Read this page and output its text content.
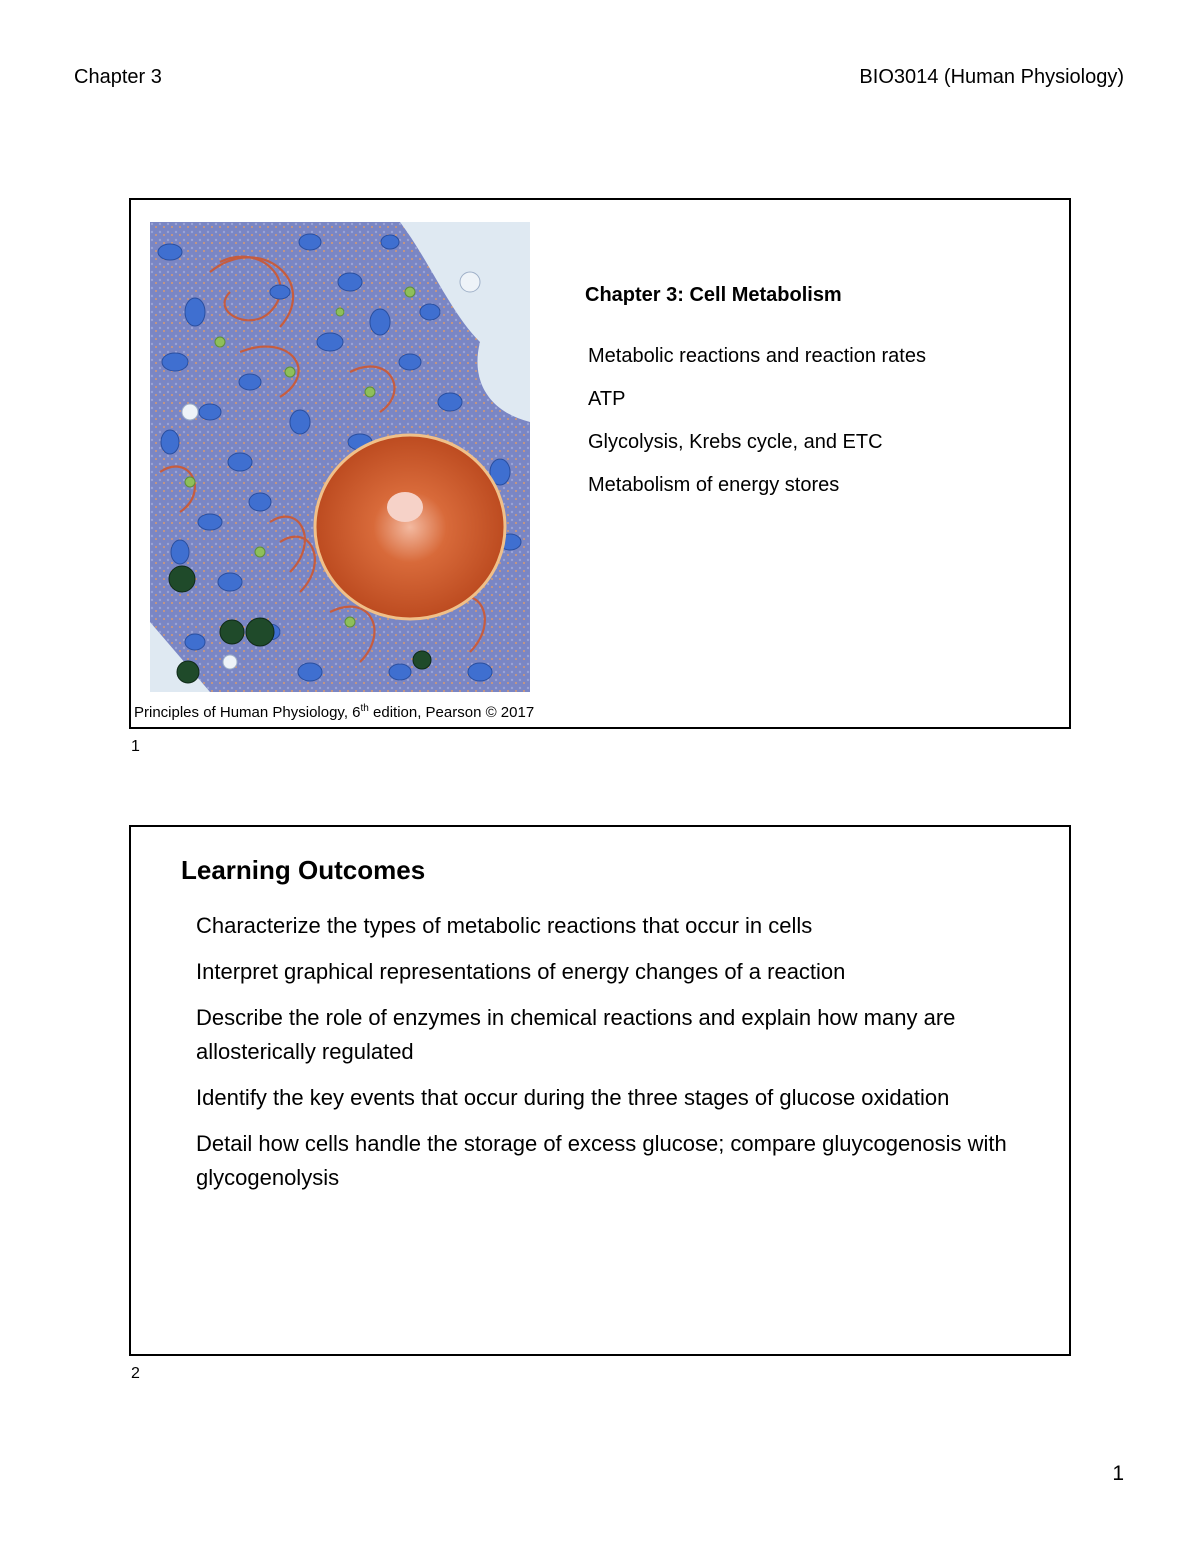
Chapter 3	BIO3014 (Human Physiology)
Chapter 3: Cell Metabolism
Metabolic reactions and reaction rates
ATP
Glycolysis, Krebs cycle, and ETC
Metabolism of energy stores
Principles of Human Physiology, 6th edition, Pearson © 2017
1
Learning Outcomes
Characterize the types of metabolic reactions that occur in cells
Interpret graphical representations of energy changes of a reaction
Describe the role of enzymes in chemical reactions and explain how many are allosterically regulated
Identify the key events that occur during the three stages of glucose oxidation
Detail how cells handle the storage of excess glucose; compare gluycogenosis with glycogenolysis
2
1
